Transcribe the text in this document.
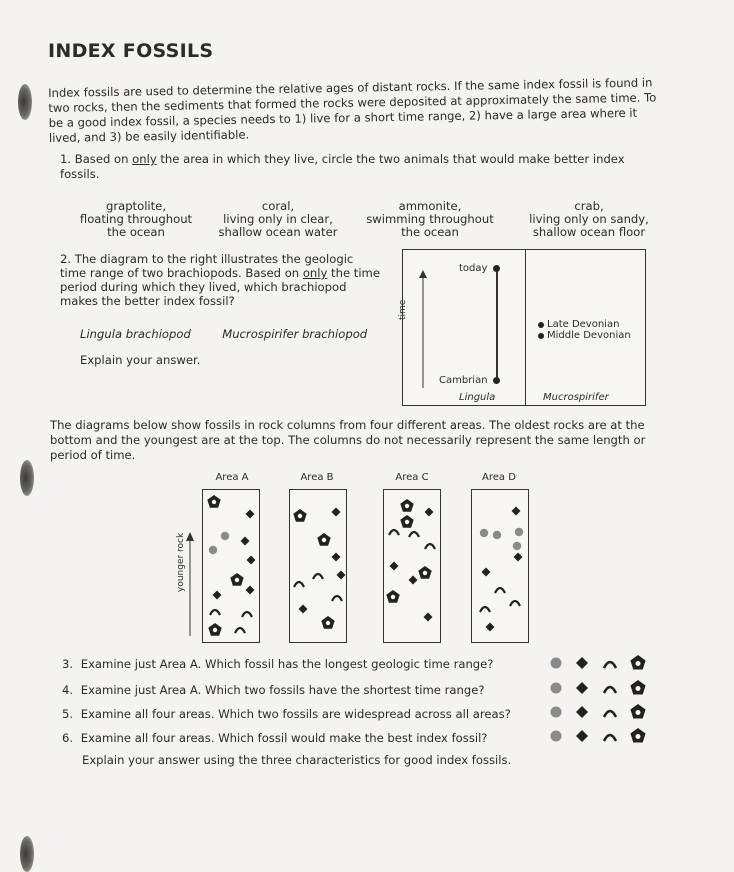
INDEX FOSSILS
Index fossils are used to determine the relative ages of distant rocks. If the same index fossil is found in two rocks, then the sediments that formed the rocks were deposited at approximately the same time. To be a good index fossil, a species needs to 1) live for a short time range, 2) have a large area where it lived, and 3) be easily identifiable.
1. Based on only the area in which they live, circle the two animals that would make better index fossils.
graptolite,
floating throughout
the ocean
coral,
living only in clear,
shallow ocean water
ammonite,
swimming throughout
the ocean
crab,
living only on sandy,
shallow ocean floor
2. The diagram to the right illustrates the geologic time range of two brachiopods. Based on only the time period during which they lived, which brachiopod makes the better index fossil?
Lingula brachiopod	Mucrospirifer brachiopod
Explain your answer.
today
Cambrian
Late Devonian
Middle Devonian
Lingula	Mucrospirifer
time
The diagrams below show fossils in rock columns from four different areas. The oldest rocks are at the bottom and the youngest are at the top. The columns do not necessarily represent the same length or period of time.
Area A	Area B	Area C	Area D
younger rock
3. Examine just Area A. Which fossil has the longest geologic time range?
4. Examine just Area A. Which two fossils have the shortest time range?
5. Examine all four areas. Which two fossils are widespread across all areas?
6. Examine all four areas. Which fossil would make the best index fossil?
Explain your answer using the three characteristics for good index fossils.
